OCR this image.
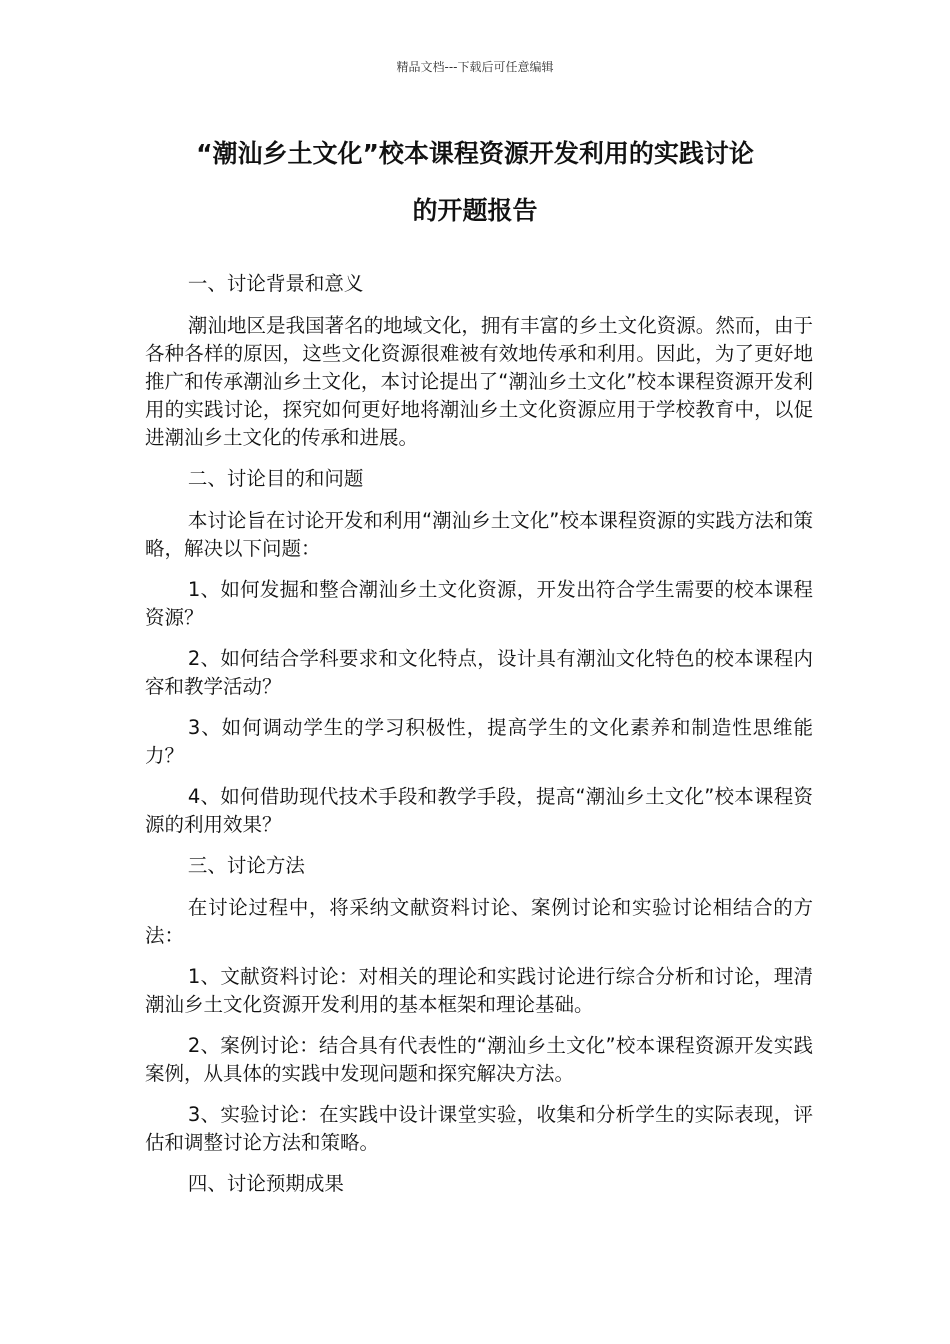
精品文档---下载后可任意编辑
“潮汕乡土文化”校本课程资源开发利用的实践讨论
的开题报告

一、讨论背景和意义

潮汕地区是我国著名的地域文化，拥有丰富的乡土文化资源。然而，由于各种各样的原因，这些文化资源很难被有效地传承和利用。因此，为了更好地推广和传承潮汕乡土文化，本讨论提出了“潮汕乡土文化”校本课程资源开发利用的实践讨论，探究如何更好地将潮汕乡土文化资源应用于学校教育中，以促进潮汕乡土文化的传承和进展。

二、讨论目的和问题

本讨论旨在讨论开发和利用“潮汕乡土文化”校本课程资源的实践方法和策略，解决以下问题：

1、如何发掘和整合潮汕乡土文化资源，开发出符合学生需要的校本课程资源？

2、如何结合学科要求和文化特点，设计具有潮汕文化特色的校本课程内容和教学活动？

3、如何调动学生的学习积极性，提高学生的文化素养和制造性思维能力？

4、如何借助现代技术手段和教学手段，提高“潮汕乡土文化”校本课程资源的利用效果？

三、讨论方法

在讨论过程中，将采纳文献资料讨论、案例讨论和实验讨论相结合的方法：

1、文献资料讨论：对相关的理论和实践讨论进行综合分析和讨论，理清潮汕乡土文化资源开发利用的基本框架和理论基础。

2、案例讨论：结合具有代表性的“潮汕乡土文化”校本课程资源开发实践案例，从具体的实践中发现问题和探究解决方法。

3、实验讨论：在实践中设计课堂实验，收集和分析学生的实际表现，评估和调整讨论方法和策略。

四、讨论预期成果
